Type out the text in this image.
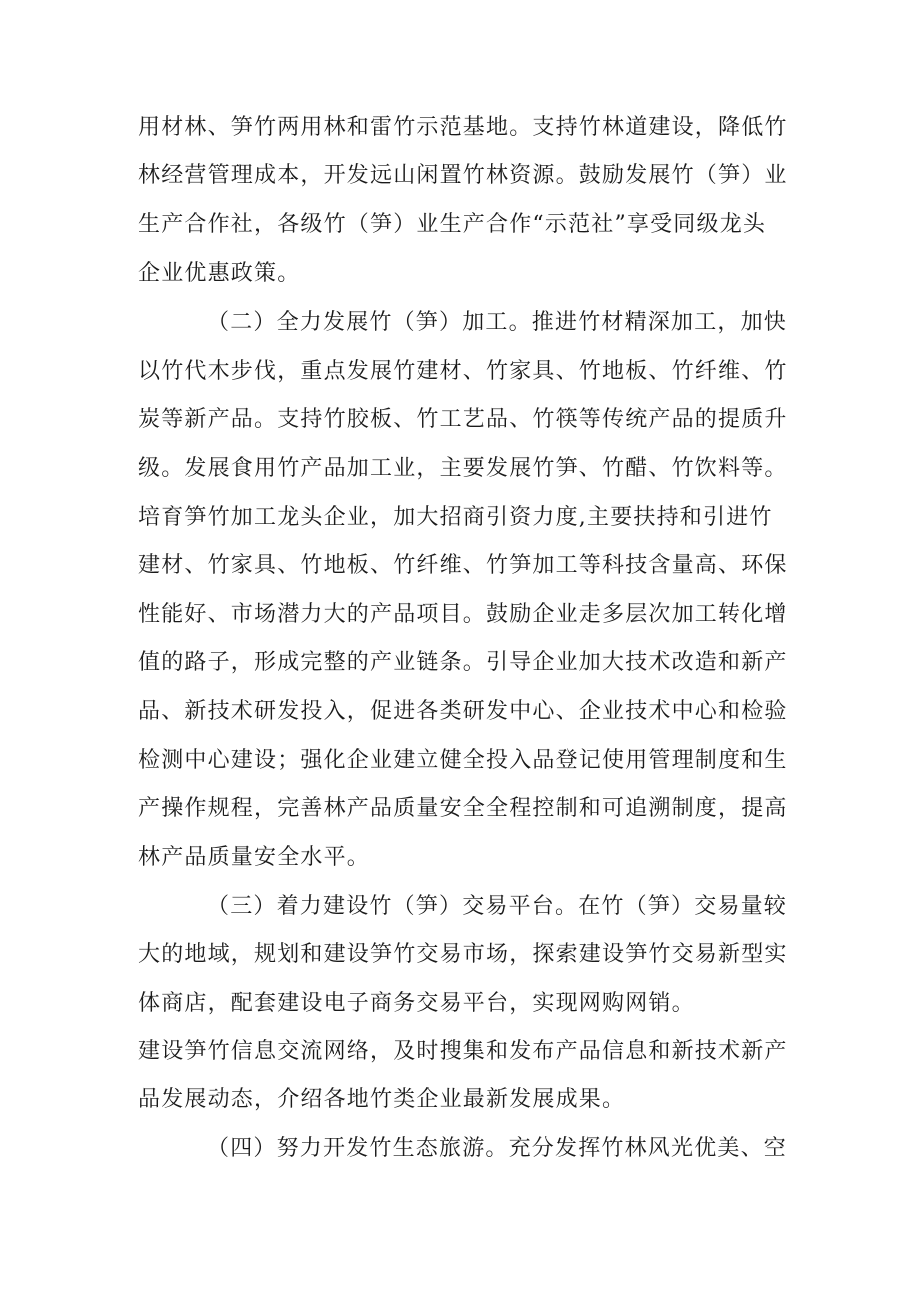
用材林、笋竹两用林和雷竹示范基地。支持竹林道建设，降低竹
林经营管理成本，开发远山闲置竹林资源。鼓励发展竹（笋）业
生产合作社，各级竹（笋）业生产合作“示范社”享受同级龙头
企业优惠政策。
（二）全力发展竹（笋）加工。推进竹材精深加工，加快
以竹代木步伐，重点发展竹建材、竹家具、竹地板、竹纤维、竹
炭等新产品。支持竹胶板、竹工艺品、竹筷等传统产品的提质升
级。发展食用竹产品加工业，主要发展竹笋、竹醋、竹饮料等。
培育笋竹加工龙头企业，加大招商引资力度,主要扶持和引进竹
建材、竹家具、竹地板、竹纤维、竹笋加工等科技含量高、环保
性能好、市场潜力大的产品项目。鼓励企业走多层次加工转化增
值的路子，形成完整的产业链条。引导企业加大技术改造和新产
品、新技术研发投入，促进各类研发中心、企业技术中心和检验
检测中心建设；强化企业建立健全投入品登记使用管理制度和生
产操作规程，完善林产品质量安全全程控制和可追溯制度，提高
林产品质量安全水平。
（三）着力建设竹（笋）交易平台。在竹（笋）交易量较
大的地域，规划和建设笋竹交易市场，探索建设笋竹交易新型实
体商店，配套建设电子商务交易平台，实现网购网销。
建设笋竹信息交流网络，及时搜集和发布产品信息和新技术新产
品发展动态，介绍各地竹类企业最新发展成果。
（四）努力开发竹生态旅游。充分发挥竹林风光优美、空
